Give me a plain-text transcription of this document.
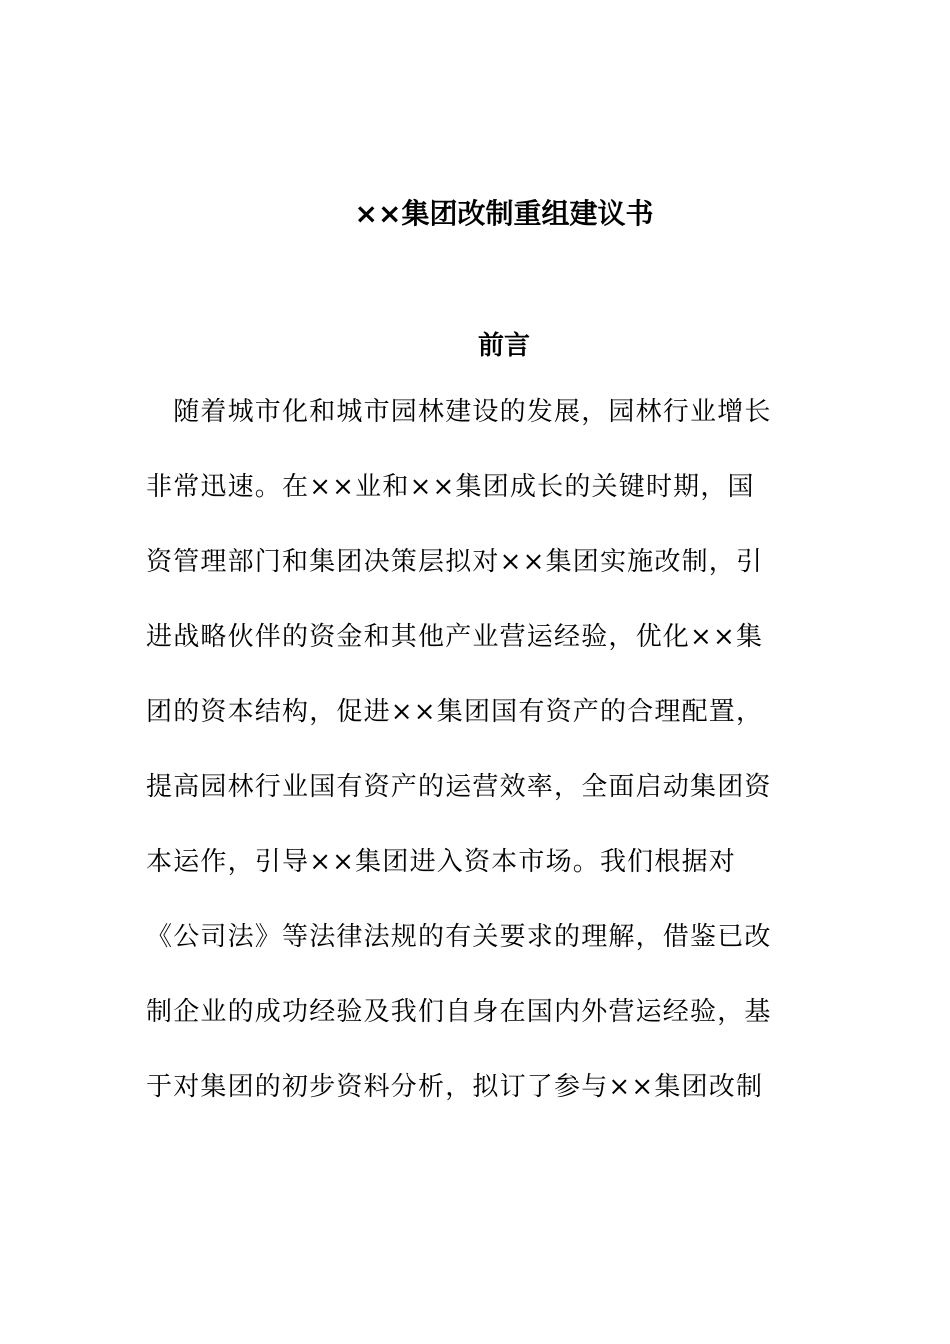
××集团改制重组建议书
前言
　随着城市化和城市园林建设的发展，园林行业增长
非常迅速。在××业和××集团成长的关键时期，国
资管理部门和集团决策层拟对××集团实施改制，引
进战略伙伴的资金和其他产业营运经验，优化××集
团的资本结构，促进××集团国有资产的合理配置，
提高园林行业国有资产的运营效率，全面启动集团资
本运作，引导××集团进入资本市场。我们根据对
《公司法》等法律法规的有关要求的理解，借鉴已改
制企业的成功经验及我们自身在国内外营运经验，基
于对集团的初步资料分析，拟订了参与××集团改制
